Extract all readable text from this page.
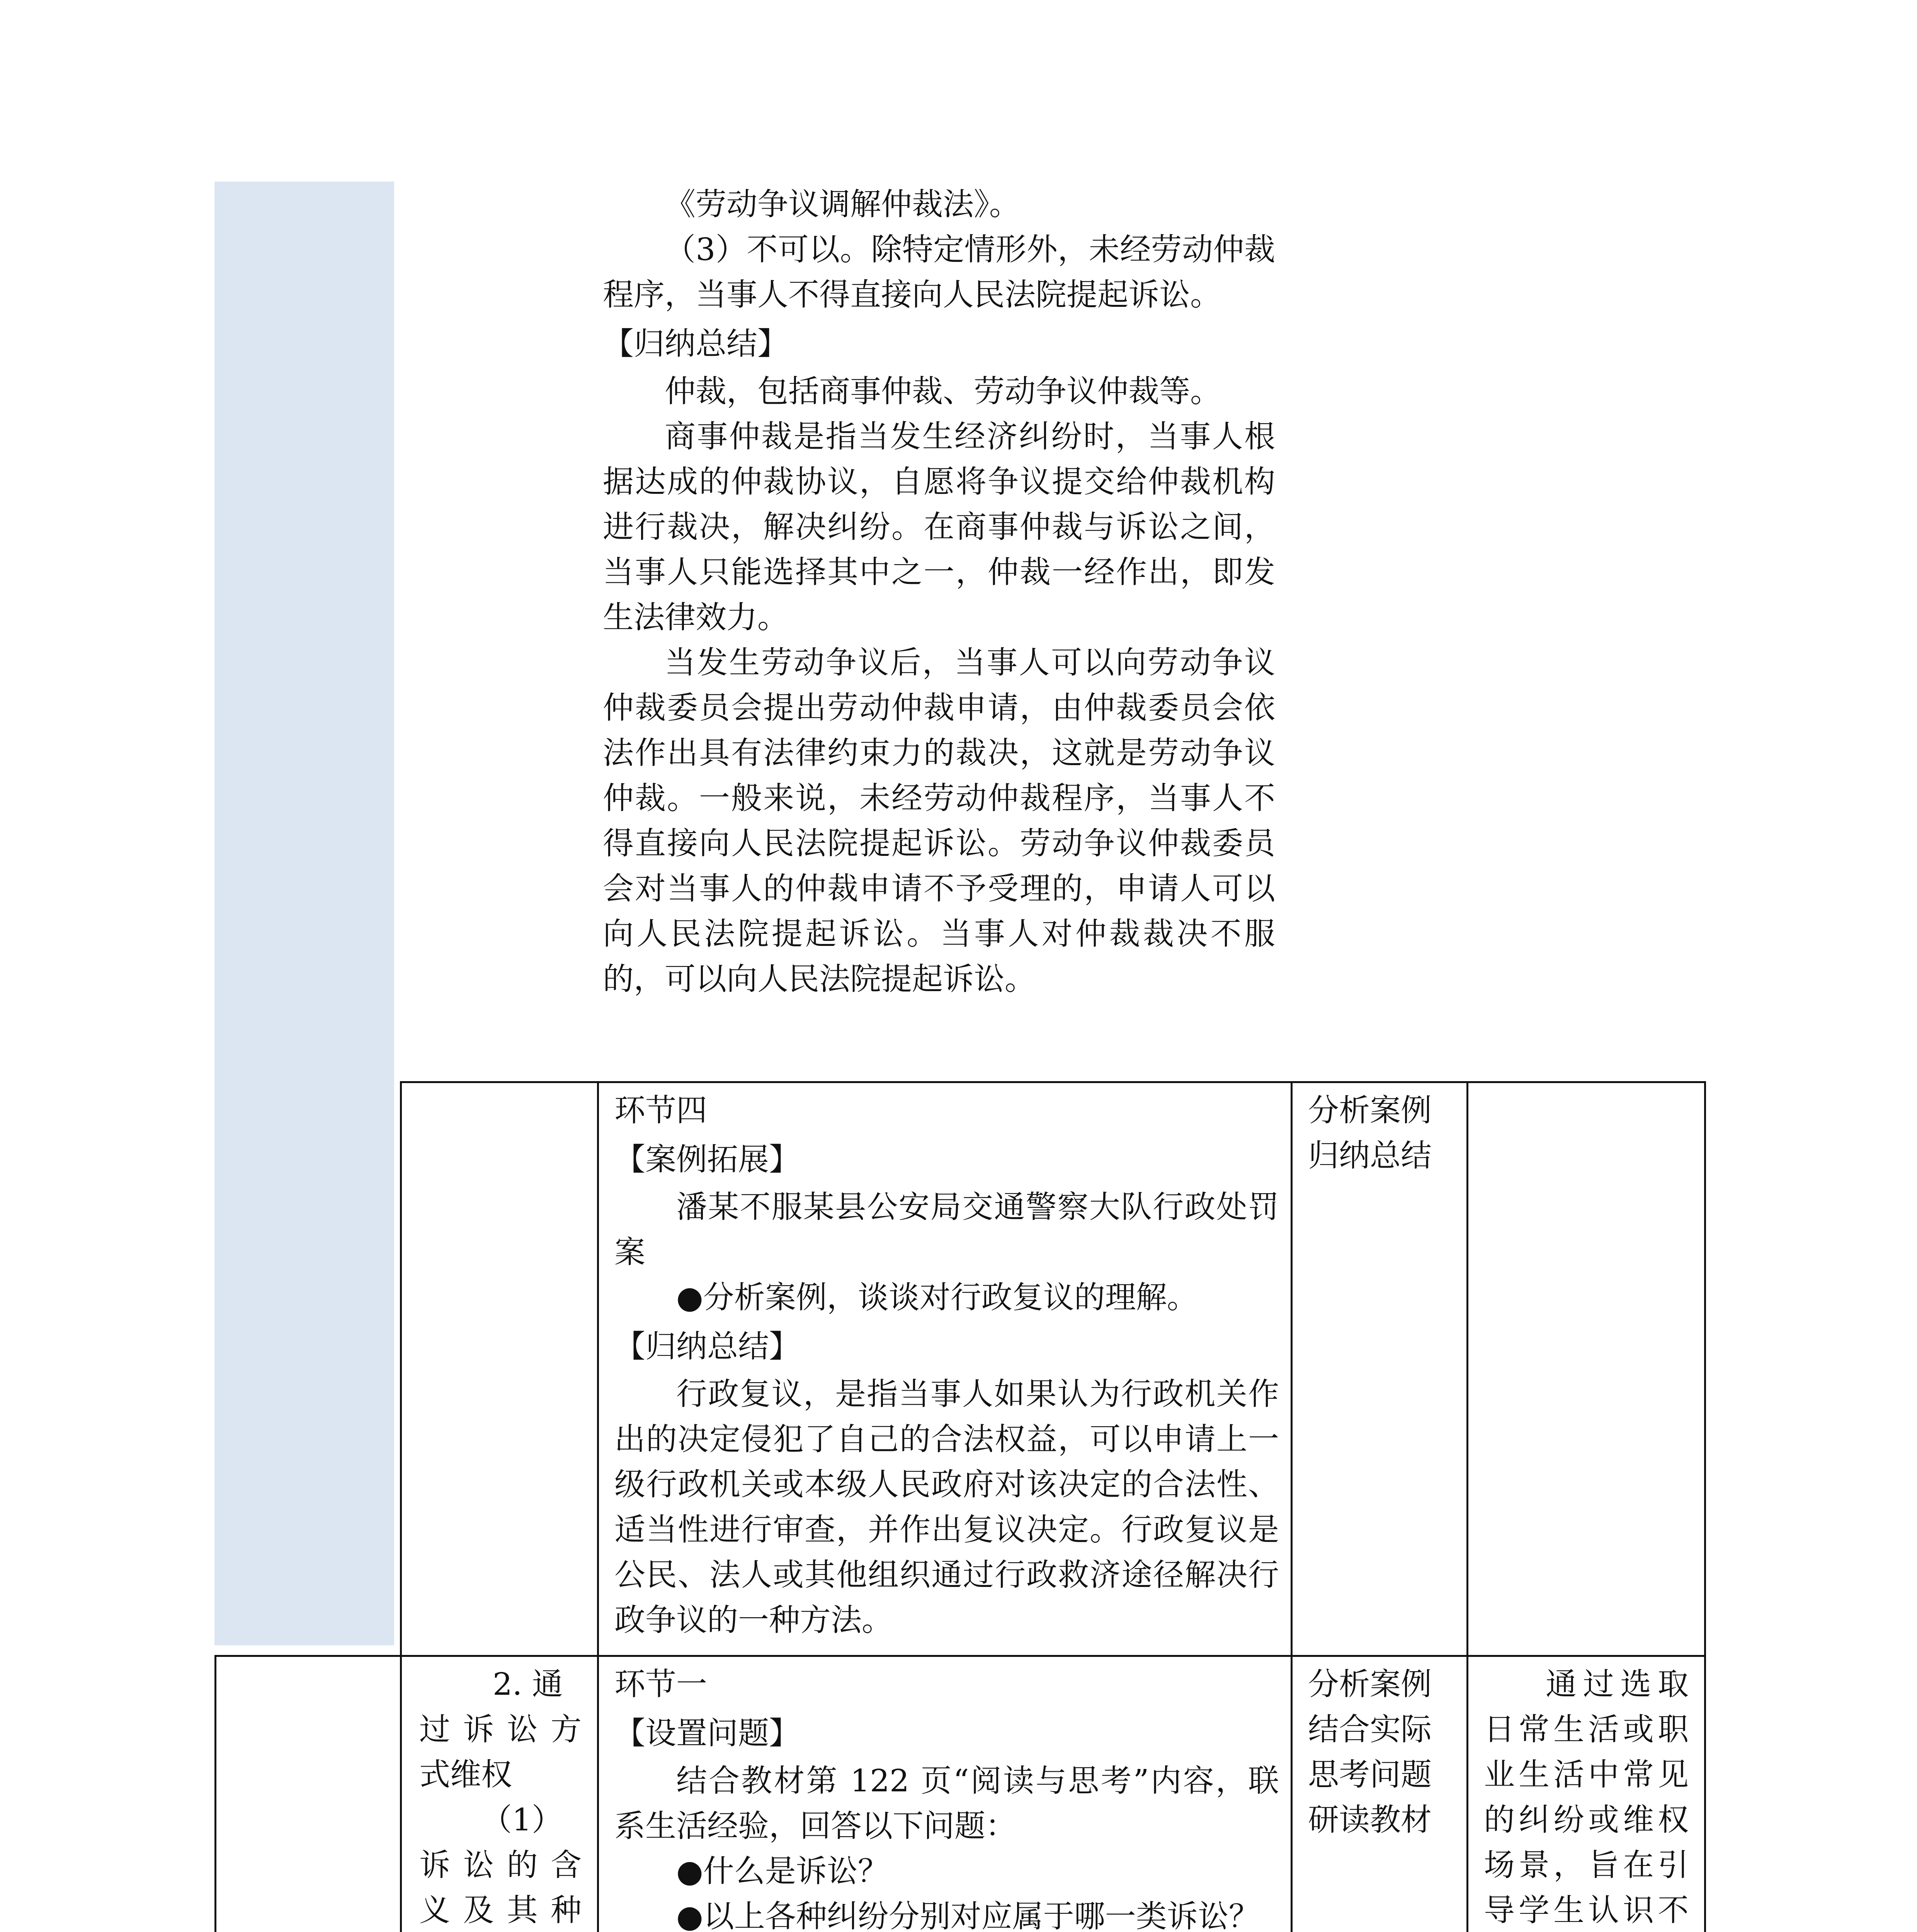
《劳动争议调解仲裁法》。

（3）不可以。除特定情形外，未经劳动仲裁程序，当事人不得直接向人民法院提起诉讼。

【归纳总结】

仲裁，包括商事仲裁、劳动争议仲裁等。

商事仲裁是指当发生经济纠纷时，当事人根据达成的仲裁协议，自愿将争议提交给仲裁机构进行裁决，解决纠纷。在商事仲裁与诉讼之间，当事人只能选择其中之一，仲裁一经作出，即发生法律效力。

当发生劳动争议后，当事人可以向劳动争议仲裁委员会提出劳动仲裁申请，由仲裁委员会依法作出具有法律约束力的裁决，这就是劳动争议仲裁。一般来说，未经劳动仲裁程序，当事人不得直接向人民法院提起诉讼。劳动争议仲裁委员会对当事人的仲裁申请不予受理的，申请人可以向人民法院提起诉讼。当事人对仲裁裁决不服的，可以向人民法院提起诉讼。

环节四
【案例拓展】

潘某不服某县公安局交通警察大队行政处罚案

●分析案例，谈谈对行政复议的理解。

【归纳总结】

行政复议，是指当事人如果认为行政机关作出的决定侵犯了自己的合法权益，可以申请上一级行政机关或本级人民政府对该决定的合法性、适当性进行审查，并作出复议决定。行政复议是公民、法人或其他组织通过行政救济途径解决行政争议的一种方法。

分析案例
归纳总结
2. 通
过诉讼方
式维权
（1）
诉讼的含
义及其种
环节一
【设置问题】

结合教材第 122 页“阅读与思考”内容，联系生活经验，回答以下问题：

●什么是诉讼？

●以上各种纠纷分别对应属于哪一类诉讼？

分析案例
结合实际
思考问题
研读教材

通过选取日常生活或职业生活中常见的纠纷或维权场景，旨在引导学生认识不
